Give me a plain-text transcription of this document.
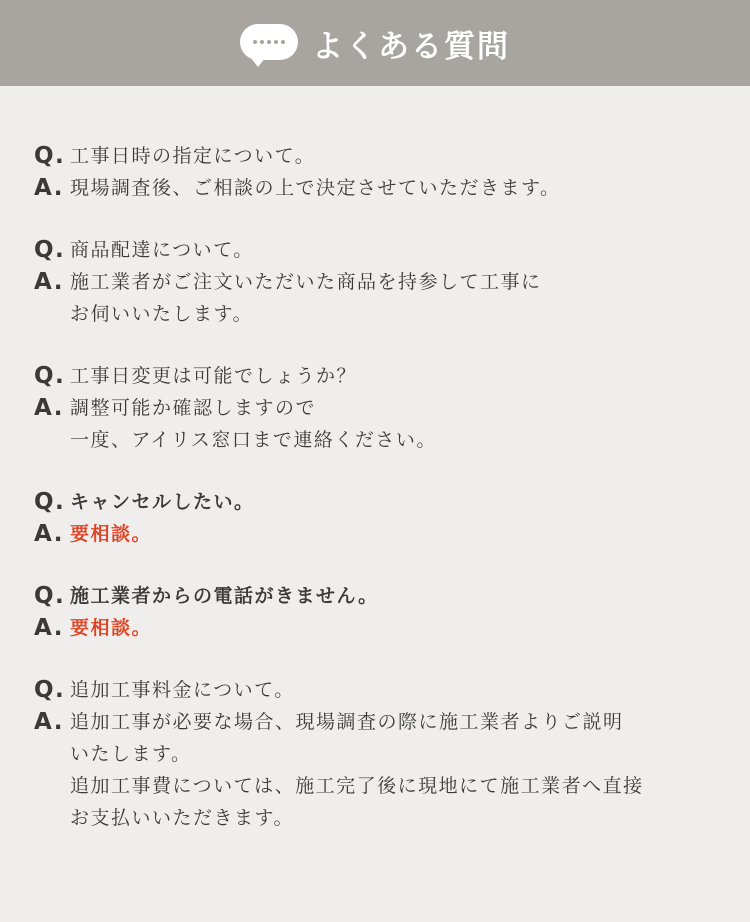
よくある質問
Q. 工事日時の指定について。
A. 現場調査後、ご相談の上で決定させていただきます。
Q. 商品配達について。
A. 施工業者がご注文いただいた商品を持参して工事に
お伺いいたします。
Q. 工事日変更は可能でしょうか？
A. 調整可能か確認しますので
一度、アイリス窓口まで連絡ください。
Q. キャンセルしたい。
A. 要相談。
Q. 施工業者からの電話がきません。
A. 要相談。
Q. 追加工事料金について。
A. 追加工事が必要な場合、現場調査の際に施工業者よりご説明
いたします。
追加工事費については、施工完了後に現地にて施工業者へ直接
お支払いいただきます。
